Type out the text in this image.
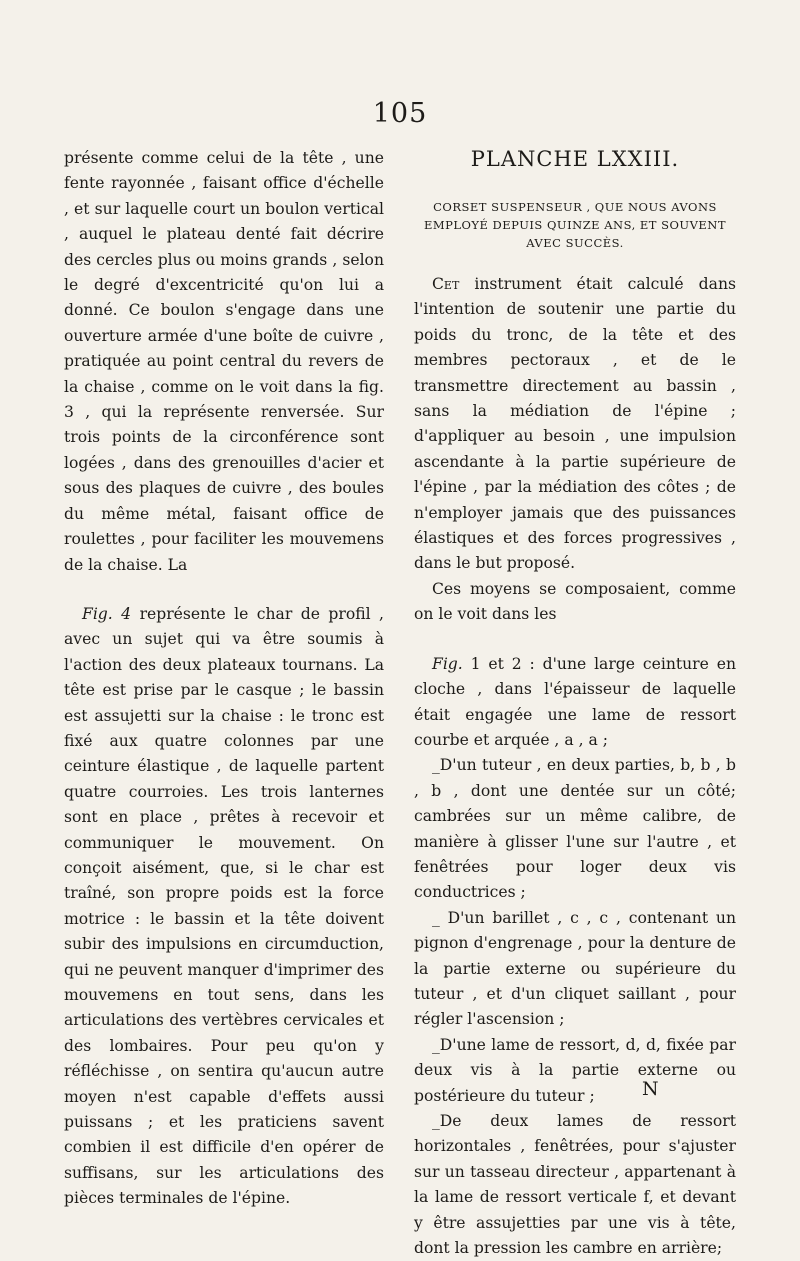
105

présente comme celui de la tête , une fente rayonnée , faisant office d'échelle , et sur laquelle court un boulon vertical , auquel le plateau denté fait décrire des cercles plus ou moins grands , selon le degré d'excentricité qu'on lui a donné. Ce boulon s'engage dans une ouverture armée d'une boîte de cuivre , pratiquée au point central du revers de la chaise , comme on le voit dans la fig. 3 , qui la représente renversée. Sur trois points de la circonférence sont logées , dans des grenouilles d'acier et sous des plaques de cuivre , des boules du même métal, faisant office de roulettes , pour faciliter les mouvemens de la chaise. La

Fig. 4 représente le char de profil , avec un sujet qui va être soumis à l'action des deux plateaux tournans. La tête est prise par le casque ; le bassin est assujetti sur la chaise : le tronc est fixé aux quatre colonnes par une ceinture élastique , de laquelle partent quatre courroies. Les trois lanternes sont en place , prêtes à recevoir et communiquer le mouvement. On conçoit aisément, que, si le char est traîné, son propre poids est la force motrice : le bassin et la tête doivent subir des impulsions en circumduction, qui ne peuvent manquer d'imprimer des mouvemens en tout sens, dans les articulations des vertèbres cervicales et des lombaires. Pour peu qu'on y réfléchisse , on sentira qu'aucun autre moyen n'est capable d'effets aussi puissans ; et les praticiens savent combien il est difficile d'en opérer de suffisans, sur les articulations des pièces terminales de l'épine.

PLANCHE LXXIII.
CORSET SUSPENSEUR , QUE NOUS AVONS EMPLOYÉ DEPUIS QUINZE ANS, ET SOUVENT AVEC SUCCÈS.

Cet instrument était calculé dans l'intention de soutenir une partie du poids du tronc, de la tête et des membres pectoraux , et de le transmettre directement au bassin , sans la médiation de l'épine ; d'appliquer au besoin , une impulsion ascendante à la partie supérieure de l'épine , par la médiation des côtes ; de n'employer jamais que des puissances élastiques et des forces progressives , dans le but proposé.

Ces moyens se composaient, comme on le voit dans les

Fig. 1 et 2 : d'une large ceinture en cloche , dans l'épaisseur de laquelle était engagée une lame de ressort courbe et arquée , a , a ;

_D'un tuteur , en deux parties, b, b , b , b , dont une dentée sur un côté; cambrées sur un même calibre, de manière à glisser l'une sur l'autre , et fenêtrées pour loger deux vis conductrices ;

_ D'un barillet , c , c , contenant un pignon d'engrenage , pour la denture de la partie externe ou supérieure du tuteur , et d'un cliquet saillant , pour régler l'ascension ;

_D'une lame de ressort, d, d, fixée par deux vis à la partie externe ou postérieure du tuteur ;

_De deux lames de ressort horizontales , fenêtrées, pour s'ajuster sur un tasseau directeur , appartenant à la lame de ressort verticale f, et devant y être assujetties par une vis à tête, dont la pression les cambre en arrière;

N
